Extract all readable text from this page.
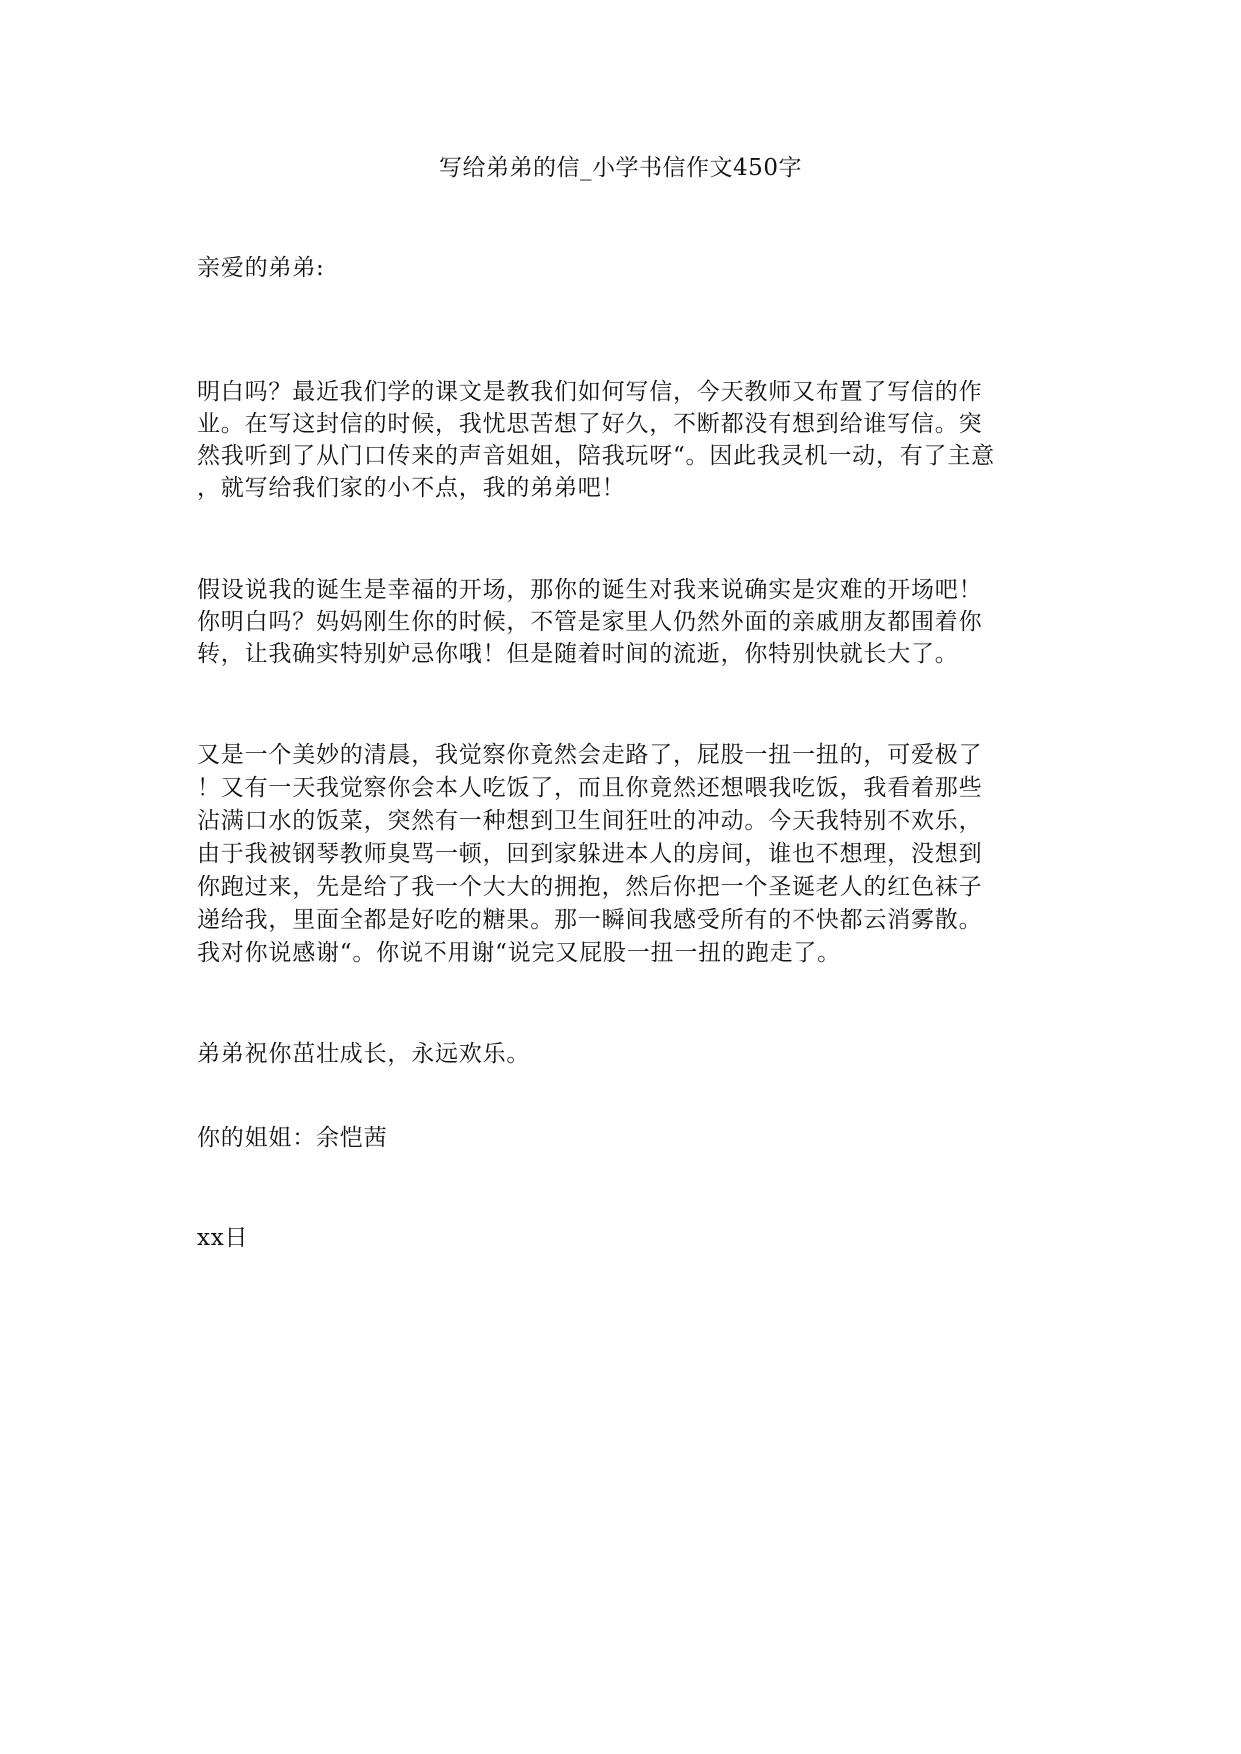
写给弟弟的信_小学书信作文450字
亲爱的弟弟:
明白吗？最近我们学的课文是教我们如何写信，今天教师又布置了写信的作
业。在写这封信的时候，我忧思苦想了好久，不断都没有想到给谁写信。突
然我听到了从门口传来的声音姐姐，陪我玩呀“。因此我灵机一动，有了主意
，就写给我们家的小不点，我的弟弟吧！
假设说我的诞生是幸福的开场，那你的诞生对我来说确实是灾难的开场吧！
你明白吗？妈妈刚生你的时候，不管是家里人仍然外面的亲戚朋友都围着你
转，让我确实特别妒忌你哦！但是随着时间的流逝，你特别快就长大了。
又是一个美妙的清晨，我觉察你竟然会走路了，屁股一扭一扭的，可爱极了
！又有一天我觉察你会本人吃饭了，而且你竟然还想喂我吃饭，我看着那些
沾满口水的饭菜，突然有一种想到卫生间狂吐的冲动。今天我特别不欢乐，
由于我被钢琴教师臭骂一顿，回到家躲进本人的房间，谁也不想理，没想到
你跑过来，先是给了我一个大大的拥抱，然后你把一个圣诞老人的红色袜子
递给我，里面全都是好吃的糖果。那一瞬间我感受所有的不快都云消雾散。
我对你说感谢“。你说不用谢“说完又屁股一扭一扭的跑走了。
弟弟祝你茁壮成长，永远欢乐。
你的姐姐：余恺茜
xx日
